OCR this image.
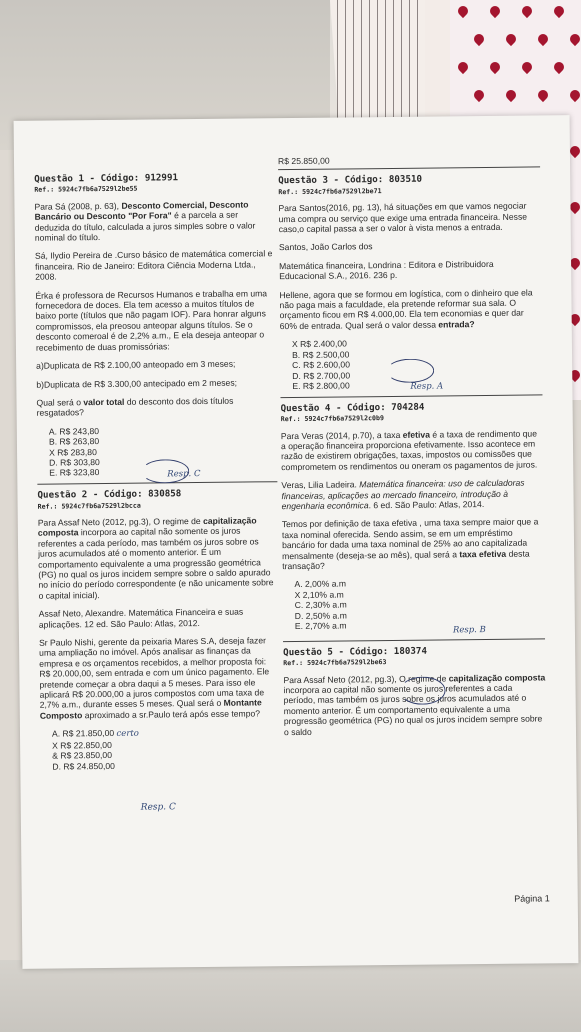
Questão 1 - Código: 912991
Ref.: 5924c7fb6a7529l2be55
Para Sá (2008, p. 63), Desconto Comercial, Desconto Bancário ou Desconto "Por Fora" é a parcela a ser deduzida do título, calculada a juros simples sobre o valor nominal do título.
Sá, Ilydio Pereira de .Curso básico de matemática comercial e financeira. Rio de Janeiro: Editora Ciência Moderna Ltda., 2008.
Érka é professora de Recursos Humanos e trabalha em uma fornecedora de doces. Ela tem acesso a muitos títulos de baixo porte (títulos que não pagam IOF). Para honrar alguns compromissos, ela preosou anteopar alguns títulos. Se o desconto comeroal é de 2,2% a.m., E ela deseja anteopar o recebimento de duas promissórias:
a)Duplicata de R$ 2.100,00 anteopado em 3 meses;
b)Duplicata de R$ 3.300,00 antecipado em 2 meses;
Qual será o valor total do desconto dos dois títulos resgatados?
A. R$ 243,80
B. R$ 263,80
X R$ 283,80
D. R$ 303,80
E. R$ 323,80	Resp. C
Questão 2 - Código: 830858
Ref.: 5924c7fb6a7529l2bcca
Para Assaf Neto (2012, pg.3), O regime de capitalização composta incorpora ao capital não somente os juros referentes a cada período, mas também os juros sobre os juros acumulados até o momento anterior. É um comportamento equivalente a uma progressão geométrica (PG) no qual os juros incidem sempre sobre o saldo apurado no início do período correspondente (e não unicamente sobre o capital inicial).
Assaf Neto, Alexandre. Matemática Financeira e suas aplicações. 12 ed. São Paulo: Atlas, 2012.
Sr Paulo Nishi, gerente da peixaria Mares S.A, deseja fazer uma ampliação no imóvel. Após analisar as finanças da empresa e os orçamentos recebidos, a melhor proposta foi: R$ 20.000,00, sem entrada e com um único pagamento. Ele pretende começar a obra daqui a 5 meses. Para isso ele aplicará R$ 20.000,00 a juros compostos com uma taxa de 2,7% a.m., durante esses 5 meses. Qual será o Montante Composto aproximado a sr.Paulo terá após esse tempo?
A. R$ 21.850,00 certo
X R$ 22.850,00
& R$ 23.850,00
D. R$ 24.850,00
Resp. C
R$ 25.850,00
Questão 3 - Código: 803510
Ref.: 5924c7fb6a7529l2be71
Para Santos(2016, pg. 13), há situações em que vamos negociar uma compra ou serviço que exige uma entrada financeira. Nesse caso,o capital passa a ser o valor à vista menos a entrada.
Santos, João Carlos dos
Matemática financeira, Londrina : Editora e Distribuidora Educacional S.A., 2016. 236 p.
Hellene, agora que se formou em logística, com o dinheiro que ela não paga mais a faculdade, ela pretende reformar sua sala. O orçamento ficou em R$ 4.000,00. Ela tem economias e quer dar 60% de entrada. Qual será o valor dessa entrada?
X R$ 2.400,00
B. R$ 2.500,00
C. R$ 2.600,00
D. R$ 2.700,00
E. R$ 2.800,00	Resp. A
Questão 4 - Código: 704284
Ref.: 5924c7fb6a7529l2c0b9
Para Veras (2014, p.70), a taxa efetiva é a taxa de rendimento que a operação financeira proporciona efetivamente. Isso acontece em razão de existirem obrigações, taxas, impostos ou comissões que comprometem os rendimentos ou oneram os pagamentos de juros.
Veras, Lilia Ladeira. Matemática financeira: uso de calculadoras financeiras, aplicações ao mercado financeiro, introdução à engenharia econômica. 6 ed. São Paulo: Atlas, 2014.
Temos por definição de taxa efetiva , uma taxa sempre maior que a taxa nominal oferecida. Sendo assim, se em um empréstimo bancário for dada uma taxa nominal de 25% ao ano capitalizada mensalmente (deseja-se ao mês), qual será a taxa efetiva desta transação?
A. 2,00% a.m
X 2,10% a.m
C. 2,30% a.m
D. 2,50% a.m
E. 2,70% a.m	Resp. B
Questão 5 - Código: 180374
Ref.: 5924c7fb6a7529l2be63
Para Assaf Neto (2012, pg.3), O regime de capitalização composta incorpora ao capital não somente os juros referentes a cada período, mas também os juros sobre os juros acumulados até o momento anterior. É um comportamento equivalente a uma progressão geométrica (PG) no qual os juros incidem sempre sobre o saldo
Página 1
